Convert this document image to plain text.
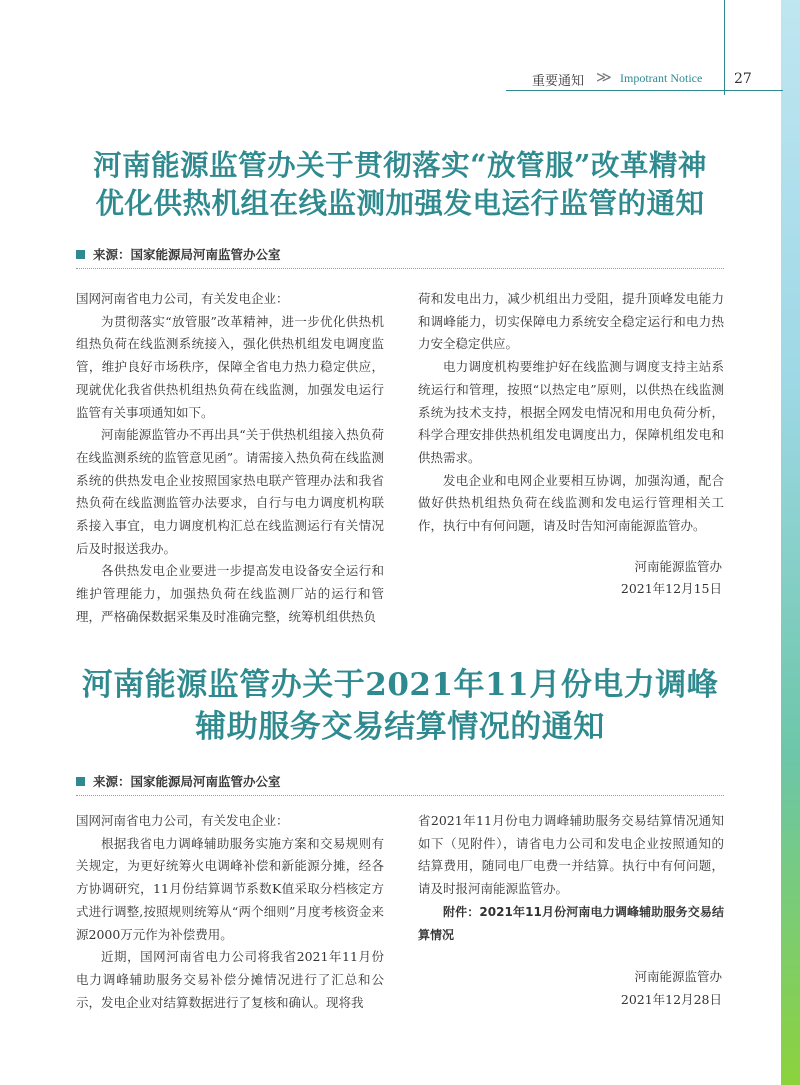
重要通知 ≫ Impotrant Notice 27
河南能源监管办关于贯彻落实“放管服”改革精神
优化供热机组在线监测加强发电运行监管的通知
来源：国家能源局河南监管办公室

国网河南省电力公司，有关发电企业：

为贯彻落实“放管服”改革精神，进一步优化供热机组热负荷在线监测系统接入，强化供热机组发电调度监管，维护良好市场秩序，保障全省电力热力稳定供应，现就优化我省供热机组热负荷在线监测，加强发电运行监管有关事项通知如下。

河南能源监管办不再出具“关于供热机组接入热负荷在线监测系统的监管意见函”。请需接入热负荷在线监测系统的供热发电企业按照国家热电联产管理办法和我省热负荷在线监测监管办法要求，自行与电力调度机构联系接入事宜，电力调度机构汇总在线监测运行有关情况后及时报送我办。

各供热发电企业要进一步提高发电设备安全运行和维护管理能力，加强热负荷在线监测厂站的运行和管理，严格确保数据采集及时准确完整，统筹机组供热负

荷和发电出力，减少机组出力受阻，提升顶峰发电能力和调峰能力，切实保障电力系统安全稳定运行和电力热力安全稳定供应。

电力调度机构要维护好在线监测与调度支持主站系统运行和管理，按照“以热定电”原则，以供热在线监测系统为技术支持，根据全网发电情况和用电负荷分析，科学合理安排供热机组发电调度出力，保障机组发电和供热需求。

发电企业和电网企业要相互协调，加强沟通，配合做好供热机组热负荷在线监测和发电运行管理相关工作，执行中有何问题，请及时告知河南能源监管办。

河南能源监管办

2021年12月15日

河南能源监管办关于2021年11月份电力调峰
辅助服务交易结算情况的通知
来源：国家能源局河南监管办公室

国网河南省电力公司，有关发电企业：

根据我省电力调峰辅助服务实施方案和交易规则有关规定，为更好统筹火电调峰补偿和新能源分摊，经各方协调研究，11月份结算调节系数K值采取分档核定方式进行调整,按照规则统筹从“两个细则”月度考核资金来源2000万元作为补偿费用。

近期，国网河南省电力公司将我省2021年11月份电力调峰辅助服务交易补偿分摊情况进行了汇总和公示，发电企业对结算数据进行了复核和确认。现将我

省2021年11月份电力调峰辅助服务交易结算情况通知如下（见附件），请省电力公司和发电企业按照通知的结算费用，随同电厂电费一并结算。执行中有何问题，请及时报河南能源监管办。

附件：2021年11月份河南电力调峰辅助服务交易结算情况

河南能源监管办

2021年12月28日
